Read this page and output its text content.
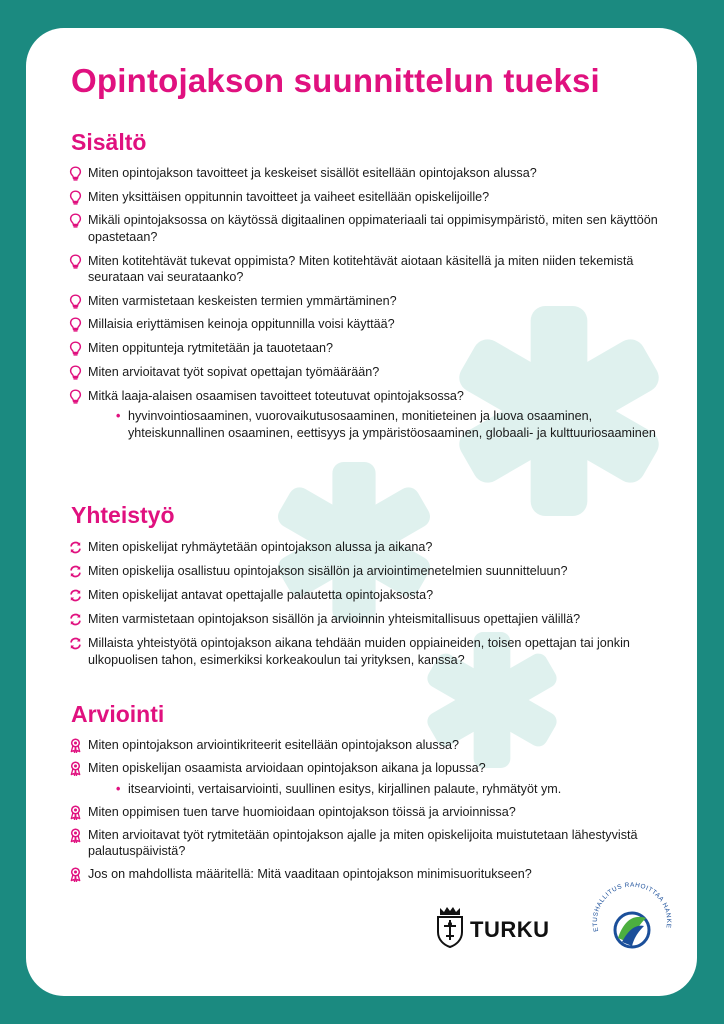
Opintojakson suunnittelun tueksi
Sisältö
Miten opintojakson tavoitteet ja keskeiset sisällöt esitellään opintojakson alussa?
Miten yksittäisen oppitunnin tavoitteet ja vaiheet esitellään opiskelijoille?
Mikäli opintojaksossa on käytössä digitaalinen oppimateriaali tai oppimisympäristö, miten sen käyttöön opastetaan?
Miten kotitehtävät tukevat oppimista? Miten kotitehtävät aiotaan käsitellä ja miten niiden tekemistä seurataan vai seurataanko?
Miten varmistetaan keskeisten termien ymmärtäminen?
Millaisia eriyttämisen keinoja oppitunnilla voisi käyttää?
Miten oppitunteja rytmitetään ja tauotetaan?
Miten arvioitavat työt sopivat opettajan työmäärään?
Mitkä laaja-alaisen osaamisen tavoitteet toteutuvat opintojaksossa?
• hyvinvointiosaaminen, vuorovaikutusosaaminen, monitieteinen ja luova osaaminen, yhteiskunnallinen osaaminen, eettisyys ja ympäristöosaaminen, globaali- ja kulttuuriosaaminen
Yhteistyö
Miten opiskelijat ryhmäytetään opintojakson alussa ja aikana?
Miten opiskelija osallistuu opintojakson sisällön ja arviointimenetelmien suunnitteluun?
Miten opiskelijat antavat opettajalle palautetta opintojaksosta?
Miten varmistetaan opintojakson sisällön ja arvioinnin yhteismitallisuus opettajien välillä?
Millaista yhteistyötä opintojakson aikana tehdään muiden oppiaineiden, toisen opettajan tai jonkin ulkopuolisen tahon, esimerkiksi korkeakoulun tai yrityksen, kanssa?
Arviointi
Miten opintojakson arviointikriteerit esitellään opintojakson alussa?
Miten opiskelijan osaamista arvioidaan opintojakson aikana ja lopussa?
• itsearviointi, vertaisarviointi, suullinen esitys, kirjallinen palaute, ryhmätyöt ym.
Miten oppimisen tuen tarve huomioidaan opintojakson töissä ja arvioinnissa?
Miten arvioitavat työt rytmitetään opintojakson ajalle ja miten opiskelijoita muistutetaan lähestyvistä palautuspäivistä?
Jos on mahdollista määritellä: Mitä vaaditaan opintojakson minimisuoritukseen?
TURKU	ETUSHALLITUS RAHOITTAA HANKE
